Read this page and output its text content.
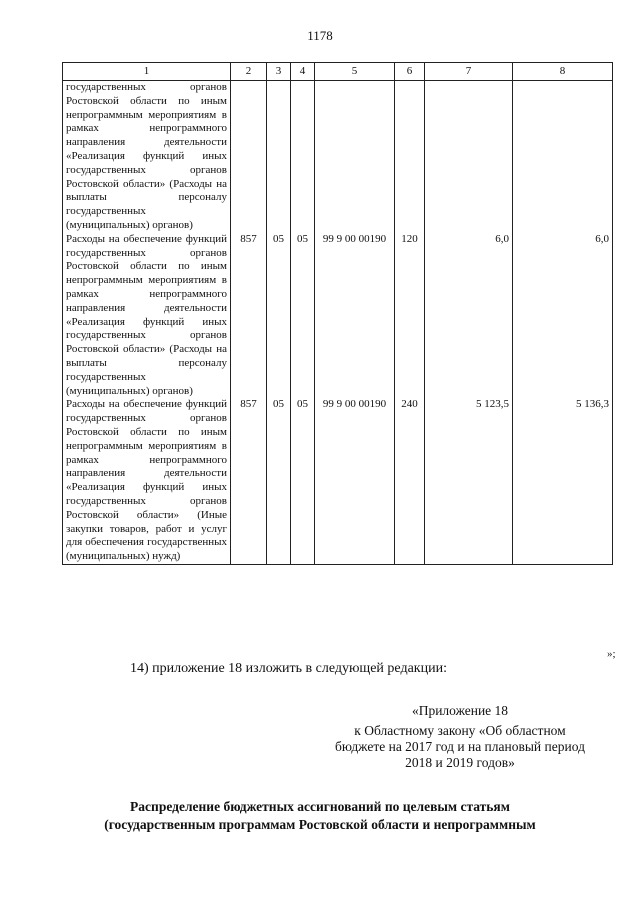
1178
1	2	3	4	5	6	7	8
государственных органов Ростовской области по иным непрограммным мероприятиям в рамках непрограммного направления деятельности «Реализация функций иных государственных органов Ростовской области» (Расходы на выплаты персоналу государственных (муниципальных) органов)							
Расходы на обеспечение функций государственных органов Ростовской области по иным непрограммным мероприятиям в рамках непрограммного направления деятельности «Реализация функций иных государственных органов Ростовской области» (Расходы на выплаты персоналу государственных (муниципальных) органов)	857	05	05	99 9 00 00190	120	6,0	6,0
Расходы на обеспечение функций государственных органов Ростовской области по иным непрограммным мероприятиям в рамках непрограммного направления деятельности «Реализация функций иных государственных органов Ростовской области» (Иные закупки товаров, работ и услуг для обеспечения государственных (муниципальных) нужд)	857	05	05	99 9 00 00190	240	5 123,5	5 136,3
»;
14) приложение 18 изложить в следующей редакции:
«Приложение 18
к Областному закону «Об областном бюджете на 2017 год и на плановый период 2018 и 2019 годов»
Распределение бюджетных ассигнований по целевым статьям
(государственным программам Ростовской области и непрограммным
